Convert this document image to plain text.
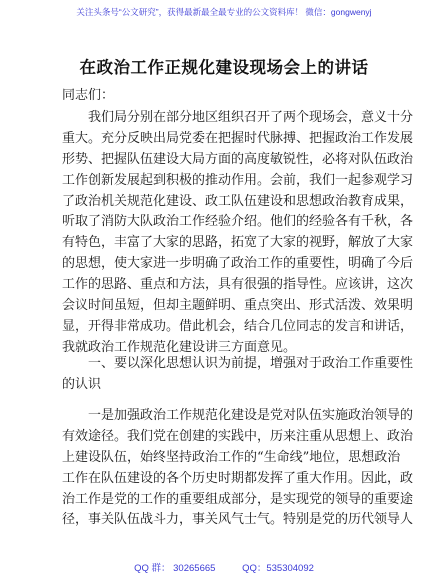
关注头条号“公文研究”，获得最新最全最专业的公文资料库！ 微信：gongwenyj
在政治工作正规化建设现场会上的讲话
同志们：
我们局分别在部分地区组织召开了两个现场会，意义十分
重大。充分反映出局党委在把握时代脉搏、把握政治工作发展
形势、把握队伍建设大局方面的高度敏锐性，必将对队伍政治
工作创新发展起到积极的推动作用。会前，我们一起参观学习
了政治机关规范化建设、政工队伍建设和思想政治教育成果，
听取了消防大队政治工作经验介绍。他们的经验各有千秋，各
有特色，丰富了大家的思路，拓宽了大家的视野，解放了大家
的思想，使大家进一步明确了政治工作的重要性，明确了今后
工作的思路、重点和方法，具有很强的指导性。应该讲，这次
会议时间虽短，但却主题鲜明、重点突出、形式活泼、效果明
显，开得非常成功。借此机会，结合几位同志的发言和讲话，
我就政治工作规范化建设讲三方面意见。
一、要以深化思想认识为前提，增强对于政治工作重要性
的认识
一是加强政治工作规范化建设是党对队伍实施政治领导的
有效途径。我们党在创建的实践中，历来注重从思想上、政治
上建设队伍，始终坚持政治工作的“生命线”地位，思想政治
工作在队伍建设的各个历史时期都发挥了重大作用。因此，政
治工作是党的工作的重要组成部分，是实现党的领导的重要途
径，事关队伍战斗力，事关风气士气。特别是党的历代领导人
QQ 群： 30265665	QQ：535304092
